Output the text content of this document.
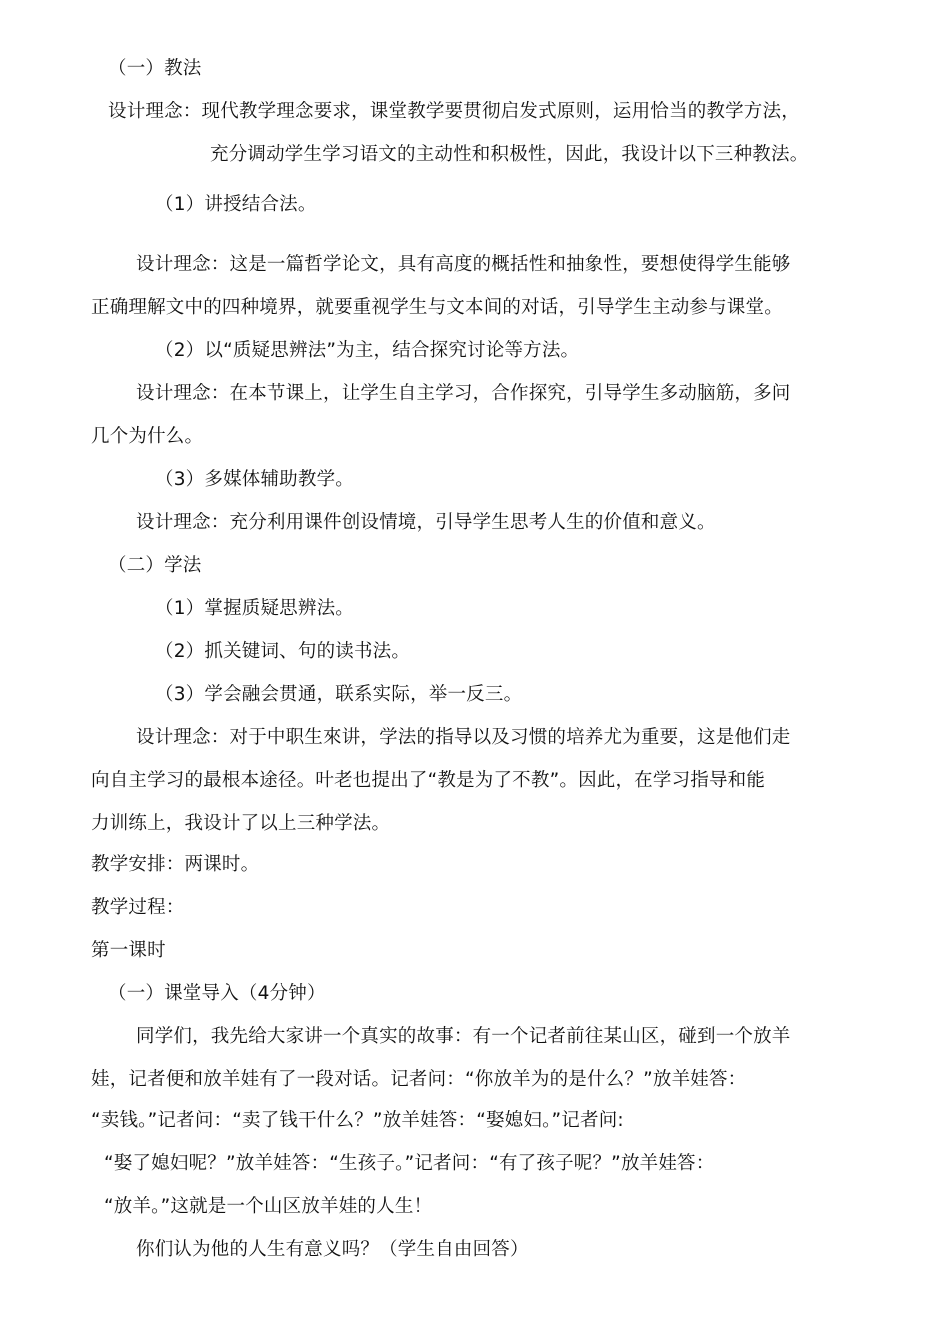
（一）教法
设计理念：现代教学理念要求，课堂教学要贯彻启发式原则，运用恰当的教学方法，
充分调动学生学习语文的主动性和积极性，因此，我设计以下三种教法。
（1）讲授结合法。
设计理念：这是一篇哲学论文，具有高度的概括性和抽象性，要想使得学生能够
正确理解文中的四种境界，就要重视学生与文本间的对话，引导学生主动参与课堂。
（2）以“质疑思辨法”为主，结合探究讨论等方法。
设计理念：在本节课上，让学生自主学习，合作探究，引导学生多动脑筋，多问
几个为什么。
（3）多媒体辅助教学。
设计理念：充分利用课件创设情境，引导学生思考人生的价值和意义。
（二）学法
（1）掌握质疑思辨法。
（2）抓关键词、句的读书法。
（3）学会融会贯通，联系实际，举一反三。
设计理念：对于中职生來讲，学法的指导以及习惯的培养尤为重要，这是他们走
向自主学习的最根本途径。叶老也提出了“教是为了不教”。因此，在学习指导和能
力训练上，我设计了以上三种学法。
教学安排：两课时。
教学过程：
第一课时
（一）课堂导入（4分钟）
同学们，我先给大家讲一个真实的故事：有一个记者前往某山区，碰到一个放羊
娃，记者便和放羊娃有了一段对话。记者问：“你放羊为的是什么？”放羊娃答：
“卖钱。”记者问：“卖了钱干什么？”放羊娃答：“娶媳妇。”记者问:
“娶了媳妇呢？”放羊娃答：“生孩子。”记者问：“有了孩子呢？”放羊娃答：
“放羊。”这就是一个山区放羊娃的人生！
你们认为他的人生有意义吗？（学生自由回答）
